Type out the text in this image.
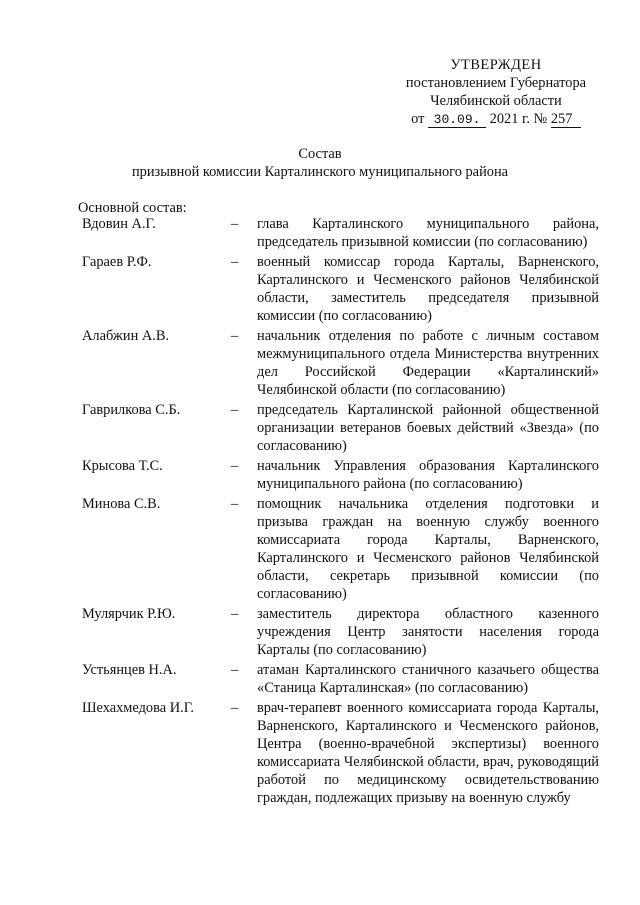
УТВЕРЖДЕН
постановлением Губернатора
Челябинской области
от 30.09. 2021 г. № 257
Состав
призывной комиссии Карталинского муниципального района
Основной состав:
Вдовин А.Г.	– глава Карталинского муниципального района, председатель призывной комиссии (по согласованию)
Гараев Р.Ф.	– военный комиссар города Карталы, Варненского, Карталинского и Чесменского районов Челябинской области, заместитель председателя призывной комиссии (по согласованию)
Алабжин А.В.	– начальник отделения по работе с личным составом межмуниципального отдела Министерства внутренних дел Российской Федерации «Карталинский» Челябинской области (по согласованию)
Гаврилкова С.Б.	– председатель Карталинской районной общественной организации ветеранов боевых действий «Звезда» (по согласованию)
Крысова Т.С.	– начальник Управления образования Карталинского муниципального района (по согласованию)
Минова С.В.	– помощник начальника отделения подготовки и призыва граждан на военную службу военного комиссариата города Карталы, Варненского, Карталинского и Чесменского районов Челябинской области, секретарь призывной комиссии (по согласованию)
Мулярчик Р.Ю.	– заместитель директора областного казенного учреждения Центр занятости населения города Карталы (по согласованию)
Устьянцев Н.А.	– атаман Карталинского станичного казачьего общества «Станица Карталинская» (по согласованию)
Шехахмедова И.Г.	– врач-терапевт военного комиссариата города Карталы, Варненского, Карталинского и Чесменского районов, Центра (военно-врачебной экспертизы) военного комиссариата Челябинской области, врач, руководящий работой по медицинскому освидетельствованию граждан, подлежащих призыву на военную службу
